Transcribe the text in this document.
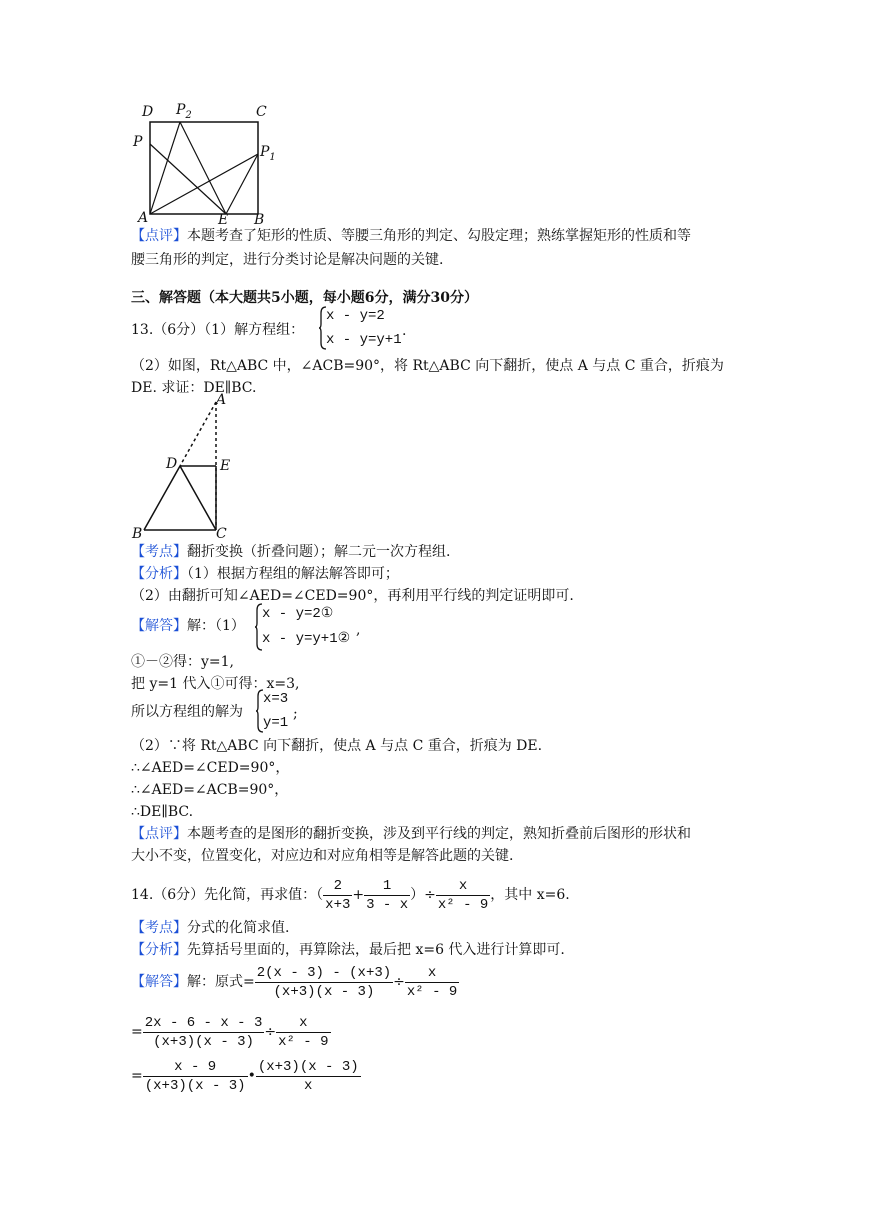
D $P_2$	C
P
$P_1$
A	E B
【点评】本题考查了矩形的性质、等腰三角形的判定、勾股定理；熟练掌握矩形的性质和等
腰三角形的判定，进行分类讨论是解决问题的关键.
三、解答题（本大题共5小题，每小题6分，满分30分）
13.（6分）（1）解方程组：
x - y=2
x - y=y+1
.
（2）如图，Rt△ABC 中，∠ACB=90°，将 Rt△ABC 向下翻折，使点 A 与点 C 重合，折痕为
DE. 求证：DE∥BC.
A
D	E
B	C
【考点】翻折变换（折叠问题）；解二元一次方程组.
【分析】（1）根据方程组的解法解答即可；
（2）由翻折可知∠AED=∠CED=90°，再利用平行线的判定证明即可.
【解答】解：（1）
x - y=2①
x - y=y+1②
,
①－②得：y=1,
把 y=1 代入①可得：x=3,
所以方程组的解为
x=3
y=1
;
（2）∵将 Rt△ABC 向下翻折，使点 A 与点 C 重合，折痕为 DE.
∴∠AED=∠CED=90°，
∴∠AED=∠ACB=90°，
∴DE∥BC.
【点评】本题考查的是图形的翻折变换，涉及到平行线的判定，熟知折叠前后图形的形状和
大小不变，位置变化，对应边和对应角相等是解答此题的关键.
14.（6分）先化简，再求值：（ $\frac{2}{x+3} + \frac{1}{3 - x}$ ）÷ $\frac{x}{\text{x² - 9}}$ ，其中 x=6.
【考点】分式的化简求值.
【分析】先算括号里面的，再算除法，最后把 x=6 代入进行计算即可.
【解答】 解：原式= $\frac{2(x - 3) - (x+3)}{(x+3)(x - 3)} \div \frac{x}{\text{x² - 9}}$
= $\frac{2x - 6 - x - 3}{(x+3)(x - 3)} \div \frac{x}{\text{x² - 9}}$
= $\frac{x - 9}{(x+3)(x - 3)}$ • $\frac{(x+3)(x - 3)}{x}$
